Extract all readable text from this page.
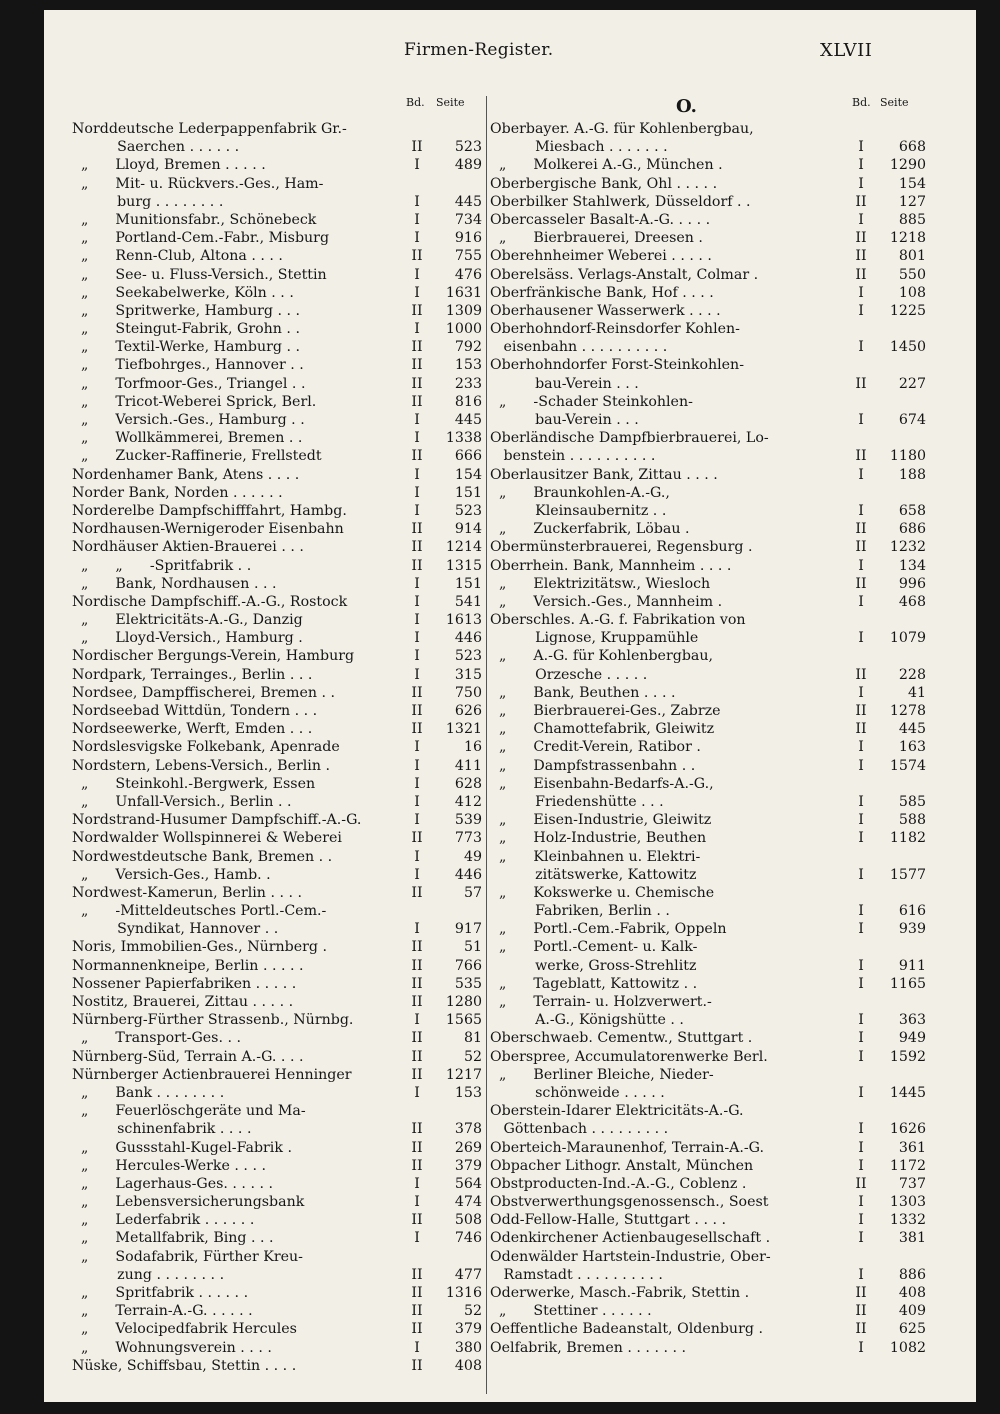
Firmen-Register.	XLVII
Bd. Seite
Norddeutsche Lederpappenfabrik Gr.-
Saerchen . . . . . .	II	523
„      Lloyd, Bremen . . . . .	I	489
„      Mit- u. Rückvers.-Ges., Ham-
burg . . . . . . . .	I	445
„      Munitionsfabr., Schönebeck	I	734
„      Portland-Cem.-Fabr., Misburg	I	916
„      Renn-Club, Altona . . . .	II	755
„      See- u. Fluss-Versich., Stettin	I	476
„      Seekabelwerke, Köln . . .	I	1631
„      Spritwerke, Hamburg . . .	II	1309
„      Steingut-Fabrik, Grohn . .	I	1000
„      Textil-Werke, Hamburg . .	II	792
„      Tiefbohrges., Hannover . .	II	153
„      Torfmoor-Ges., Triangel . .	II	233
„      Tricot-Weberei Sprick, Berl.	II	816
„      Versich.-Ges., Hamburg . .	I	445
„      Wollkämmerei, Bremen . .	I	1338
„      Zucker-Raffinerie, Frellstedt	II	666
Nordenhamer Bank, Atens . . . .	I	154
Norder Bank, Norden . . . . . .	I	151
Norderelbe Dampfschifffahrt, Hambg.	I	523
Nordhausen-Wernigeroder Eisenbahn	II	914
Nordhäuser Aktien-Brauerei . . .	II	1214
„      „      -Spritfabrik . .	II	1315
„      Bank, Nordhausen . . .	I	151
Nordische Dampfschiff.-A.-G., Rostock	I	541
„      Elektricitäts-A.-G., Danzig	I	1613
„      Lloyd-Versich., Hamburg .	I	446
Nordischer Bergungs-Verein, Hamburg	I	523
Nordpark, Terrainges., Berlin . . .	I	315
Nordsee, Dampffischerei, Bremen . .	II	750
Nordseebad Wittdün, Tondern . . .	II	626
Nordseewerke, Werft, Emden . . .	II	1321
Nordslesvigske Folkebank, Apenrade	I	16
Nordstern, Lebens-Versich., Berlin .	I	411
„      Steinkohl.-Bergwerk, Essen	I	628
„      Unfall-Versich., Berlin . .	I	412
Nordstrand-Husumer Dampfschiff.-A.-G.	I	539
Nordwalder Wollspinnerei & Weberei	II	773
Nordwestdeutsche Bank, Bremen . .	I	49
„      Versich-Ges., Hamb. .	I	446
Nordwest-Kamerun, Berlin . . . .	II	57
„      -Mitteldeutsches Portl.-Cem.-
Syndikat, Hannover . .	I	917
Noris, Immobilien-Ges., Nürnberg .	II	51
Normannenkneipe, Berlin . . . . .	II	766
Nossener Papierfabriken . . . . .	II	535
Nostitz, Brauerei, Zittau . . . . .	II	1280
Nürnberg-Fürther Strassenb., Nürnbg.	I	1565
„      Transport-Ges. . .	II	81
Nürnberg-Süd, Terrain A.-G. . . .	II	52
Nürnberger Actienbrauerei Henninger	II	1217
„      Bank . . . . . . . .	I	153
„      Feuerlöschgeräte und Ma-
schinenfabrik . . . .	II	378
„      Gussstahl-Kugel-Fabrik .	II	269
„      Hercules-Werke . . . .	II	379
„      Lagerhaus-Ges. . . . . .	I	564
„      Lebensversicherungsbank	I	474
„      Lederfabrik . . . . . .	II	508
„      Metallfabrik, Bing . . .	I	746
„      Sodafabrik, Fürther Kreu-
zung . . . . . . . .	II	477
„      Spritfabrik . . . . . .	II	1316
„      Terrain-A.-G. . . . . .	II	52
„      Velocipedfabrik Hercules	II	379
„      Wohnungsverein . . . .	I	380
Nüske, Schiffsbau, Stettin . . . .	II	408
O.	Bd. Seite
Oberbayer. A.-G. für Kohlenbergbau,
Miesbach . . . . . . .	I	668
„      Molkerei A.-G., München .	I	1290
Oberbergische Bank, Ohl . . . . .	I	154
Oberbilker Stahlwerk, Düsseldorf . .	II	127
Obercasseler Basalt-A.-G. . . . .	I	885
„      Bierbrauerei, Dreesen .	II	1218
Oberehnheimer Weberei . . . . .	II	801
Oberelsäss. Verlags-Anstalt, Colmar .	II	550
Oberfränkische Bank, Hof . . . .	I	108
Oberhausener Wasserwerk . . . .	I	1225
Oberhohndorf-Reinsdorfer Kohlen-
eisenbahn . . . . . . . . . .	I	1450
Oberhohndorfer Forst-Steinkohlen-
bau-Verein . . .	II	227
„      -Schader Steinkohlen-
bau-Verein . . .	I	674
Oberländische Dampfbierbrauerei, Lo-
benstein . . . . . . . . . .	II	1180
Oberlausitzer Bank, Zittau . . . .	I	188
„      Braunkohlen-A.-G.,
Kleinsaubernitz . .	I	658
„      Zuckerfabrik, Löbau .	II	686
Obermünsterbrauerei, Regensburg .	II	1232
Oberrhein. Bank, Mannheim . . . .	I	134
„      Elektrizitätsw., Wiesloch	II	996
„      Versich.-Ges., Mannheim .	I	468
Oberschles. A.-G. f. Fabrikation von
Lignose, Kruppamühle	I	1079
„      A.-G. für Kohlenbergbau,
Orzesche . . . . .	II	228
„      Bank, Beuthen . . . .	I	41
„      Bierbrauerei-Ges., Zabrze	II	1278
„      Chamottefabrik, Gleiwitz	II	445
„      Credit-Verein, Ratibor .	I	163
„      Dampfstrassenbahn . .	I	1574
„      Eisenbahn-Bedarfs-A.-G.,
Friedenshütte . . .	I	585
„      Eisen-Industrie, Gleiwitz	I	588
„      Holz-Industrie, Beuthen	I	1182
„      Kleinbahnen u. Elektri-
zitätswerke, Kattowitz	I	1577
„      Kokswerke u. Chemische
Fabriken, Berlin . .	I	616
„      Portl.-Cem.-Fabrik, Oppeln	I	939
„      Portl.-Cement- u. Kalk-
werke, Gross-Strehlitz	I	911
„      Tageblatt, Kattowitz . .	I	1165
„      Terrain- u. Holzverwert.-
A.-G., Königshütte . .	I	363
Oberschwaeb. Cementw., Stuttgart .	I	949
Oberspree, Accumulatorenwerke Berl.	I	1592
„      Berliner Bleiche, Nieder-
schönweide . . . . .	I	1445
Oberstein-Idarer Elektricitäts-A.-G.
Göttenbach . . . . . . . . .	I	1626
Oberteich-Maraunenhof, Terrain-A.-G.	I	361
Obpacher Lithogr. Anstalt, München	I	1172
Obstproducten-Ind.-A.-G., Coblenz .	II	737
Obstverwerthungsgenossensch., Soest	I	1303
Odd-Fellow-Halle, Stuttgart . . . .	I	1332
Odenkirchener Actienbaugesellschaft .	I	381
Odenwälder Hartstein-Industrie, Ober-
Ramstadt . . . . . . . . . .	I	886
Oderwerke, Masch.-Fabrik, Stettin .	II	408
„      Stettiner . . . . . .	II	409
Oeffentliche Badeanstalt, Oldenburg .	II	625
Oelfabrik, Bremen . . . . . . .	I	1082
